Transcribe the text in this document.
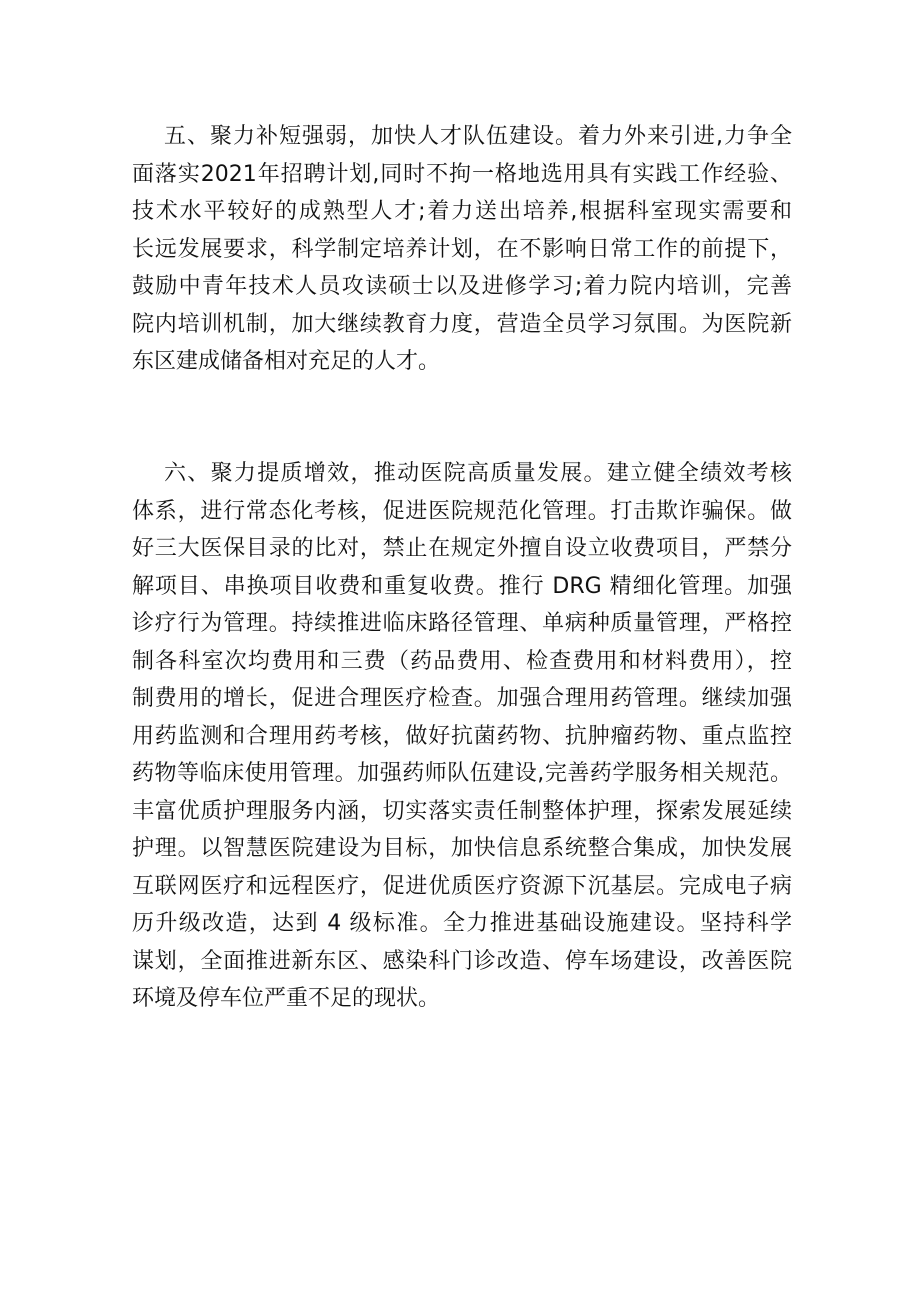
五、聚力补短强弱，加快人才队伍建设。着力外来引进,力争全
面落实2021年招聘计划,同时不拘一格地选用具有实践工作经验、
技术水平较好的成熟型人才;着力送出培养,根据科室现实需要和
长远发展要求，科学制定培养计划，在不影响日常工作的前提下，
鼓励中青年技术人员攻读硕士以及进修学习;着力院内培训，完善
院内培训机制，加大继续教育力度，营造全员学习氛围。为医院新
东区建成储备相对充足的人才。
六、聚力提质增效，推动医院高质量发展。建立健全绩效考核
体系，进行常态化考核，促进医院规范化管理。打击欺诈骗保。做
好三大医保目录的比对，禁止在规定外擅自设立收费项目，严禁分
解项目、串换项目收费和重复收费。推行 DRG 精细化管理。加强
诊疗行为管理。持续推进临床路径管理、单病种质量管理，严格控
制各科室次均费用和三费（药品费用、检查费用和材料费用），控
制费用的增长，促进合理医疗检查。加强合理用药管理。继续加强
用药监测和合理用药考核，做好抗菌药物、抗肿瘤药物、重点监控
药物等临床使用管理。加强药师队伍建设,完善药学服务相关规范。
丰富优质护理服务内涵，切实落实责任制整体护理，探索发展延续
护理。以智慧医院建设为目标，加快信息系统整合集成，加快发展
互联网医疗和远程医疗，促进优质医疗资源下沉基层。完成电子病
历升级改造，达到 4 级标准。全力推进基础设施建设。坚持科学
谋划，全面推进新东区、感染科门诊改造、停车场建设，改善医院
环境及停车位严重不足的现状。
